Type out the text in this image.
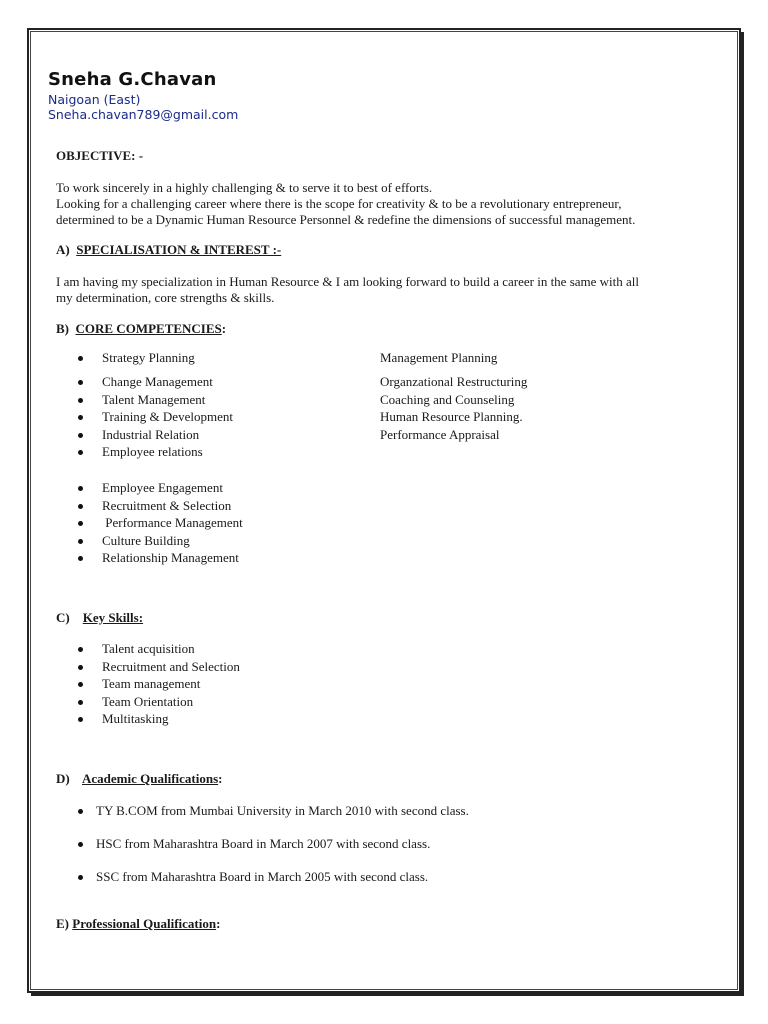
Sneha G.Chavan
Naigoan (East)
Sneha.chavan789@gmail.com
OBJECTIVE: -
To work sincerely in a highly challenging & to serve it to best of efforts.
Looking for a challenging career where there is the scope for creativity & to be a revolutionary entrepreneur,
determined to be a Dynamic Human Resource Personnel & redefine the dimensions of successful management.
A) SPECIALISATION & INTEREST :-
I am having my specialization in Human Resource & I am looking forward to build a career in the same with all
my determination, core strengths & skills.
B) CORE COMPETENCIES:
Strategy Planning
Change Management
Talent Management
Training & Development
Industrial Relation
Employee relations
Employee Engagement
Recruitment & Selection
Performance Management
Culture Building
Relationship Management
Management Planning
Organzational Restructuring
Coaching and Counseling
Human Resource Planning.
Performance Appraisal
C) Key Skills:
Talent acquisition
Recruitment and Selection
Team management
Team Orientation
Multitasking
D) Academic Qualifications:
TY B.COM from Mumbai University in March 2010 with second class.
HSC from Maharashtra Board in March 2007 with second class.
SSC from Maharashtra Board in March 2005 with second class.
E) Professional Qualification:
